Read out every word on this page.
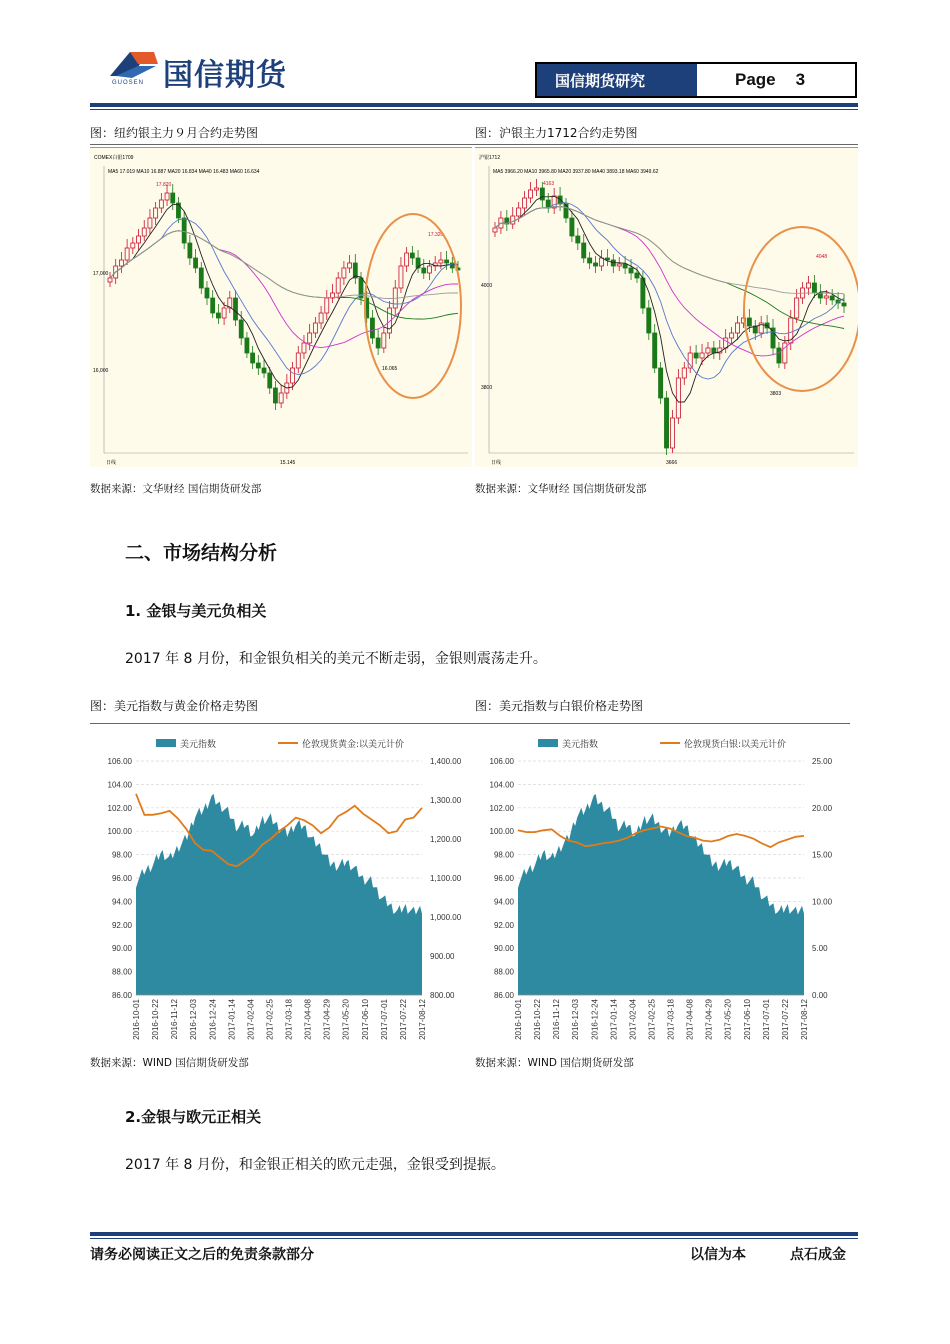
GUOSEN 国信期货	国信期货研究	Page 3
图：纽约银主力９月合约走势图	图：沪银主力1712合约走势图
COMEX白银1709
MA5 17.019 MA10 16.887 MA20 16.834 MA40 16.483 MA60 16.634
17,000
16,000
17.820
17.320
16.065
15.145
日线
沪银1712
MA5 3966.20 MA10 3965.80 MA20 3937.80 MA40 3893.18 MA60 3949.62
4000
3800
4163
4048
3803
3666
日线
数据来源：文华财经 国信期货研发部	数据来源：文华财经 国信期货研发部
二、市场结构分析
1. 金银与美元负相关
2017 年 8 月份，和金银负相关的美元不断走弱，金银则震荡走升。
图：美元指数与黄金价格走势图	图：美元指数与白银价格走势图
106.00
104.00
102.00
100.00
98.00
96.00
94.00
92.00
90.00
88.00
86.00
1,400.00
1,300.00
1,200.00
1,100.00
1,000.00
900.00
800.00
2016-10-01 2016-10-22 2016-11-12 2016-12-03 2016-12-24 2017-01-14 2017-02-04 2017-02-25 2017-03-18 2017-04-08 2017-04-29 2017-05-20 2017-06-10 2017-07-01 2017-07-22 2017-08-12
美元指数	伦敦现货黄金:以美元计价
106.00
104.00
102.00
100.00
98.00
96.00
94.00
92.00
90.00
88.00
86.00
25.00
20.00
15.00
10.00
5.00
0.00
2016-10-01 2016-10-22 2016-11-12 2016-12-03 2016-12-24 2017-01-14 2017-02-04 2017-02-25 2017-03-18 2017-04-08 2017-04-29 2017-05-20 2017-06-10 2017-07-01 2017-07-22 2017-08-12
美元指数	伦敦现货白银:以美元计价
数据来源：WIND 国信期货研发部	数据来源：WIND 国信期货研发部
2.金银与欧元正相关
2017 年 8 月份，和金银正相关的欧元走强，金银受到提振。
请务必阅读正文之后的免责条款部分	以信为本	点石成金
